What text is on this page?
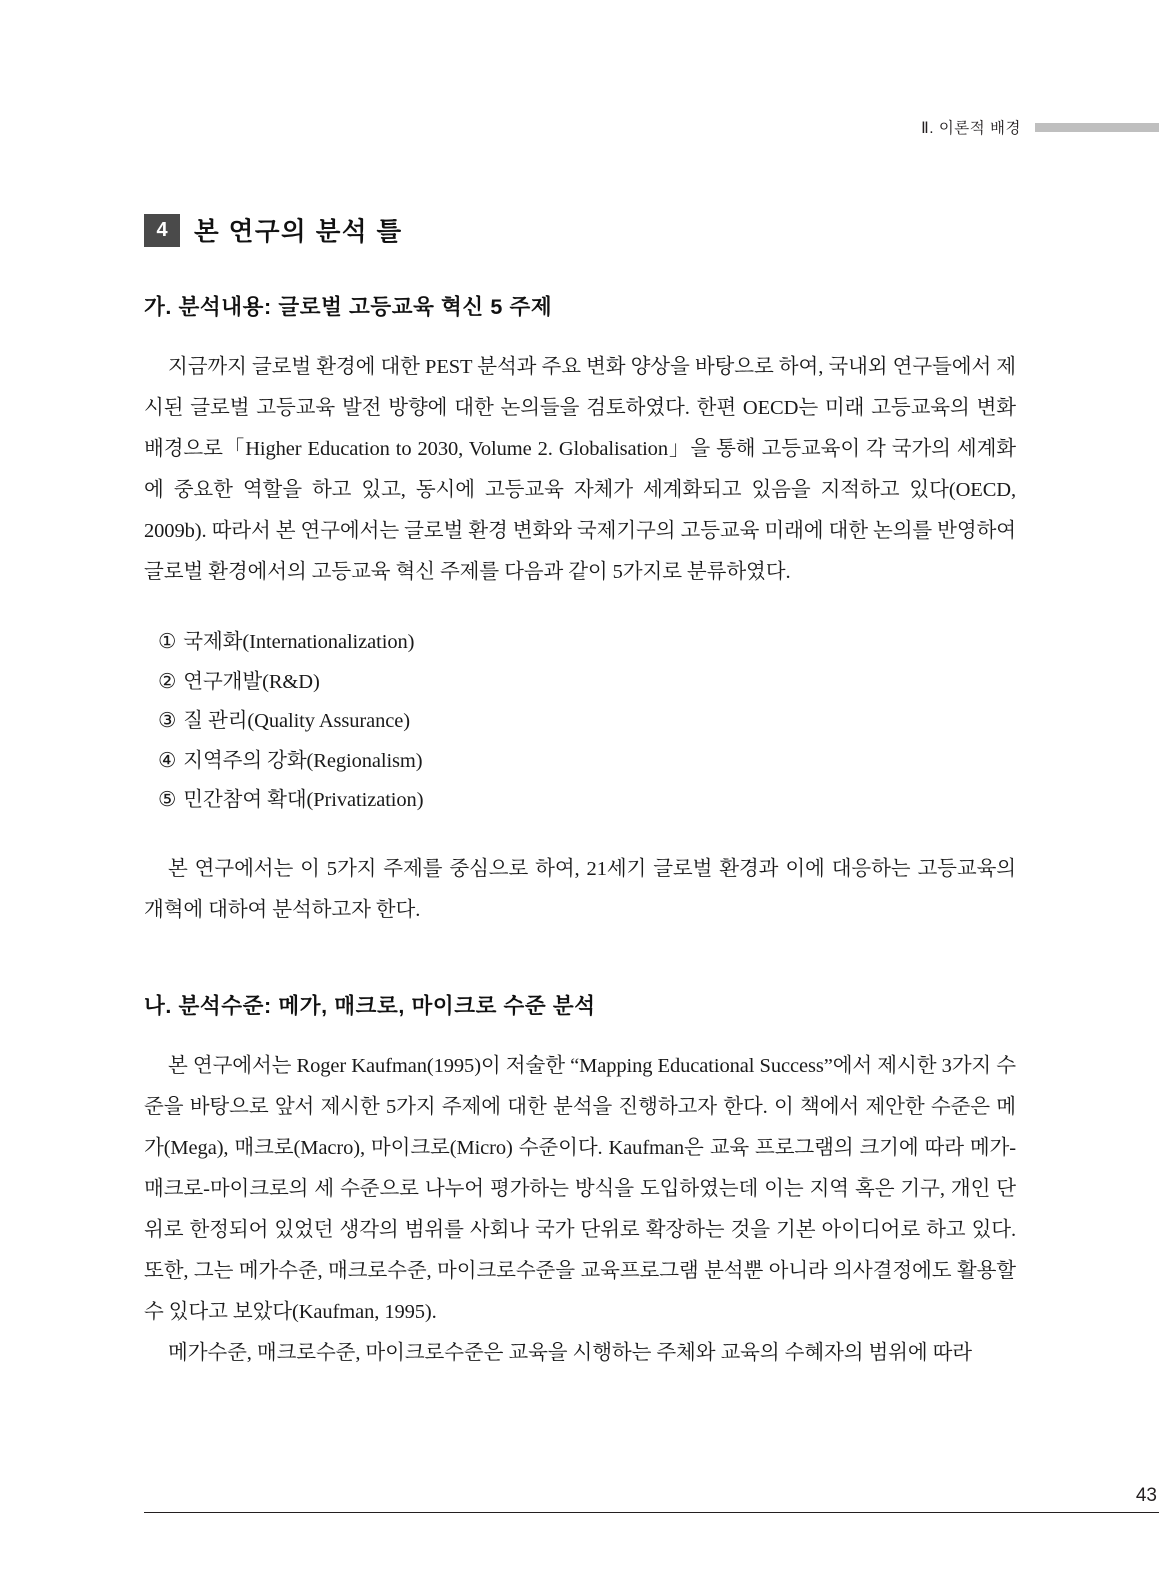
Ⅱ. 이론적 배경
4	본 연구의 분석 틀
가. 분석내용: 글로벌 고등교육 혁신 5 주제

지금까지 글로벌 환경에 대한 PEST 분석과 주요 변화 양상을 바탕으로 하여, 국내외 연구들에서 제시된 글로벌 고등교육 발전 방향에 대한 논의들을 검토하였다. 한편 OECD는 미래 고등교육의 변화 배경으로「Higher Education to 2030, Volume 2. Globalisation」을 통해 고등교육이 각 국가의 세계화에 중요한 역할을 하고 있고, 동시에 고등교육 자체가 세계화되고 있음을 지적하고 있다(OECD, 2009b). 따라서 본 연구에서는 글로벌 환경 변화와 국제기구의 고등교육 미래에 대한 논의를 반영하여 글로벌 환경에서의 고등교육 혁신 주제를 다음과 같이 5가지로 분류하였다.

① 국제화(Internationalization)
② 연구개발(R&D)
③ 질 관리(Quality Assurance)
④ 지역주의 강화(Regionalism)
⑤ 민간참여 확대(Privatization)

본 연구에서는 이 5가지 주제를 중심으로 하여, 21세기 글로벌 환경과 이에 대응하는 고등교육의 개혁에 대하여 분석하고자 한다.

나. 분석수준: 메가, 매크로, 마이크로 수준 분석

본 연구에서는 Roger Kaufman(1995)이 저술한 “Mapping Educational Success”에서 제시한 3가지 수준을 바탕으로 앞서 제시한 5가지 주제에 대한 분석을 진행하고자 한다. 이 책에서 제안한 수준은 메가(Mega), 매크로(Macro), 마이크로(Micro) 수준이다. Kaufman은 교육 프로그램의 크기에 따라 메가-매크로-마이크로의 세 수준으로 나누어 평가하는 방식을 도입하였는데 이는 지역 혹은 기구, 개인 단위로 한정되어 있었던 생각의 범위를 사회나 국가 단위로 확장하는 것을 기본 아이디어로 하고 있다. 또한, 그는 메가수준, 매크로수준, 마이크로수준을 교육프로그램 분석뿐 아니라 의사결정에도 활용할 수 있다고 보았다(Kaufman, 1995).

메가수준, 매크로수준, 마이크로수준은 교육을 시행하는 주체와 교육의 수혜자의 범위에 따라

43
